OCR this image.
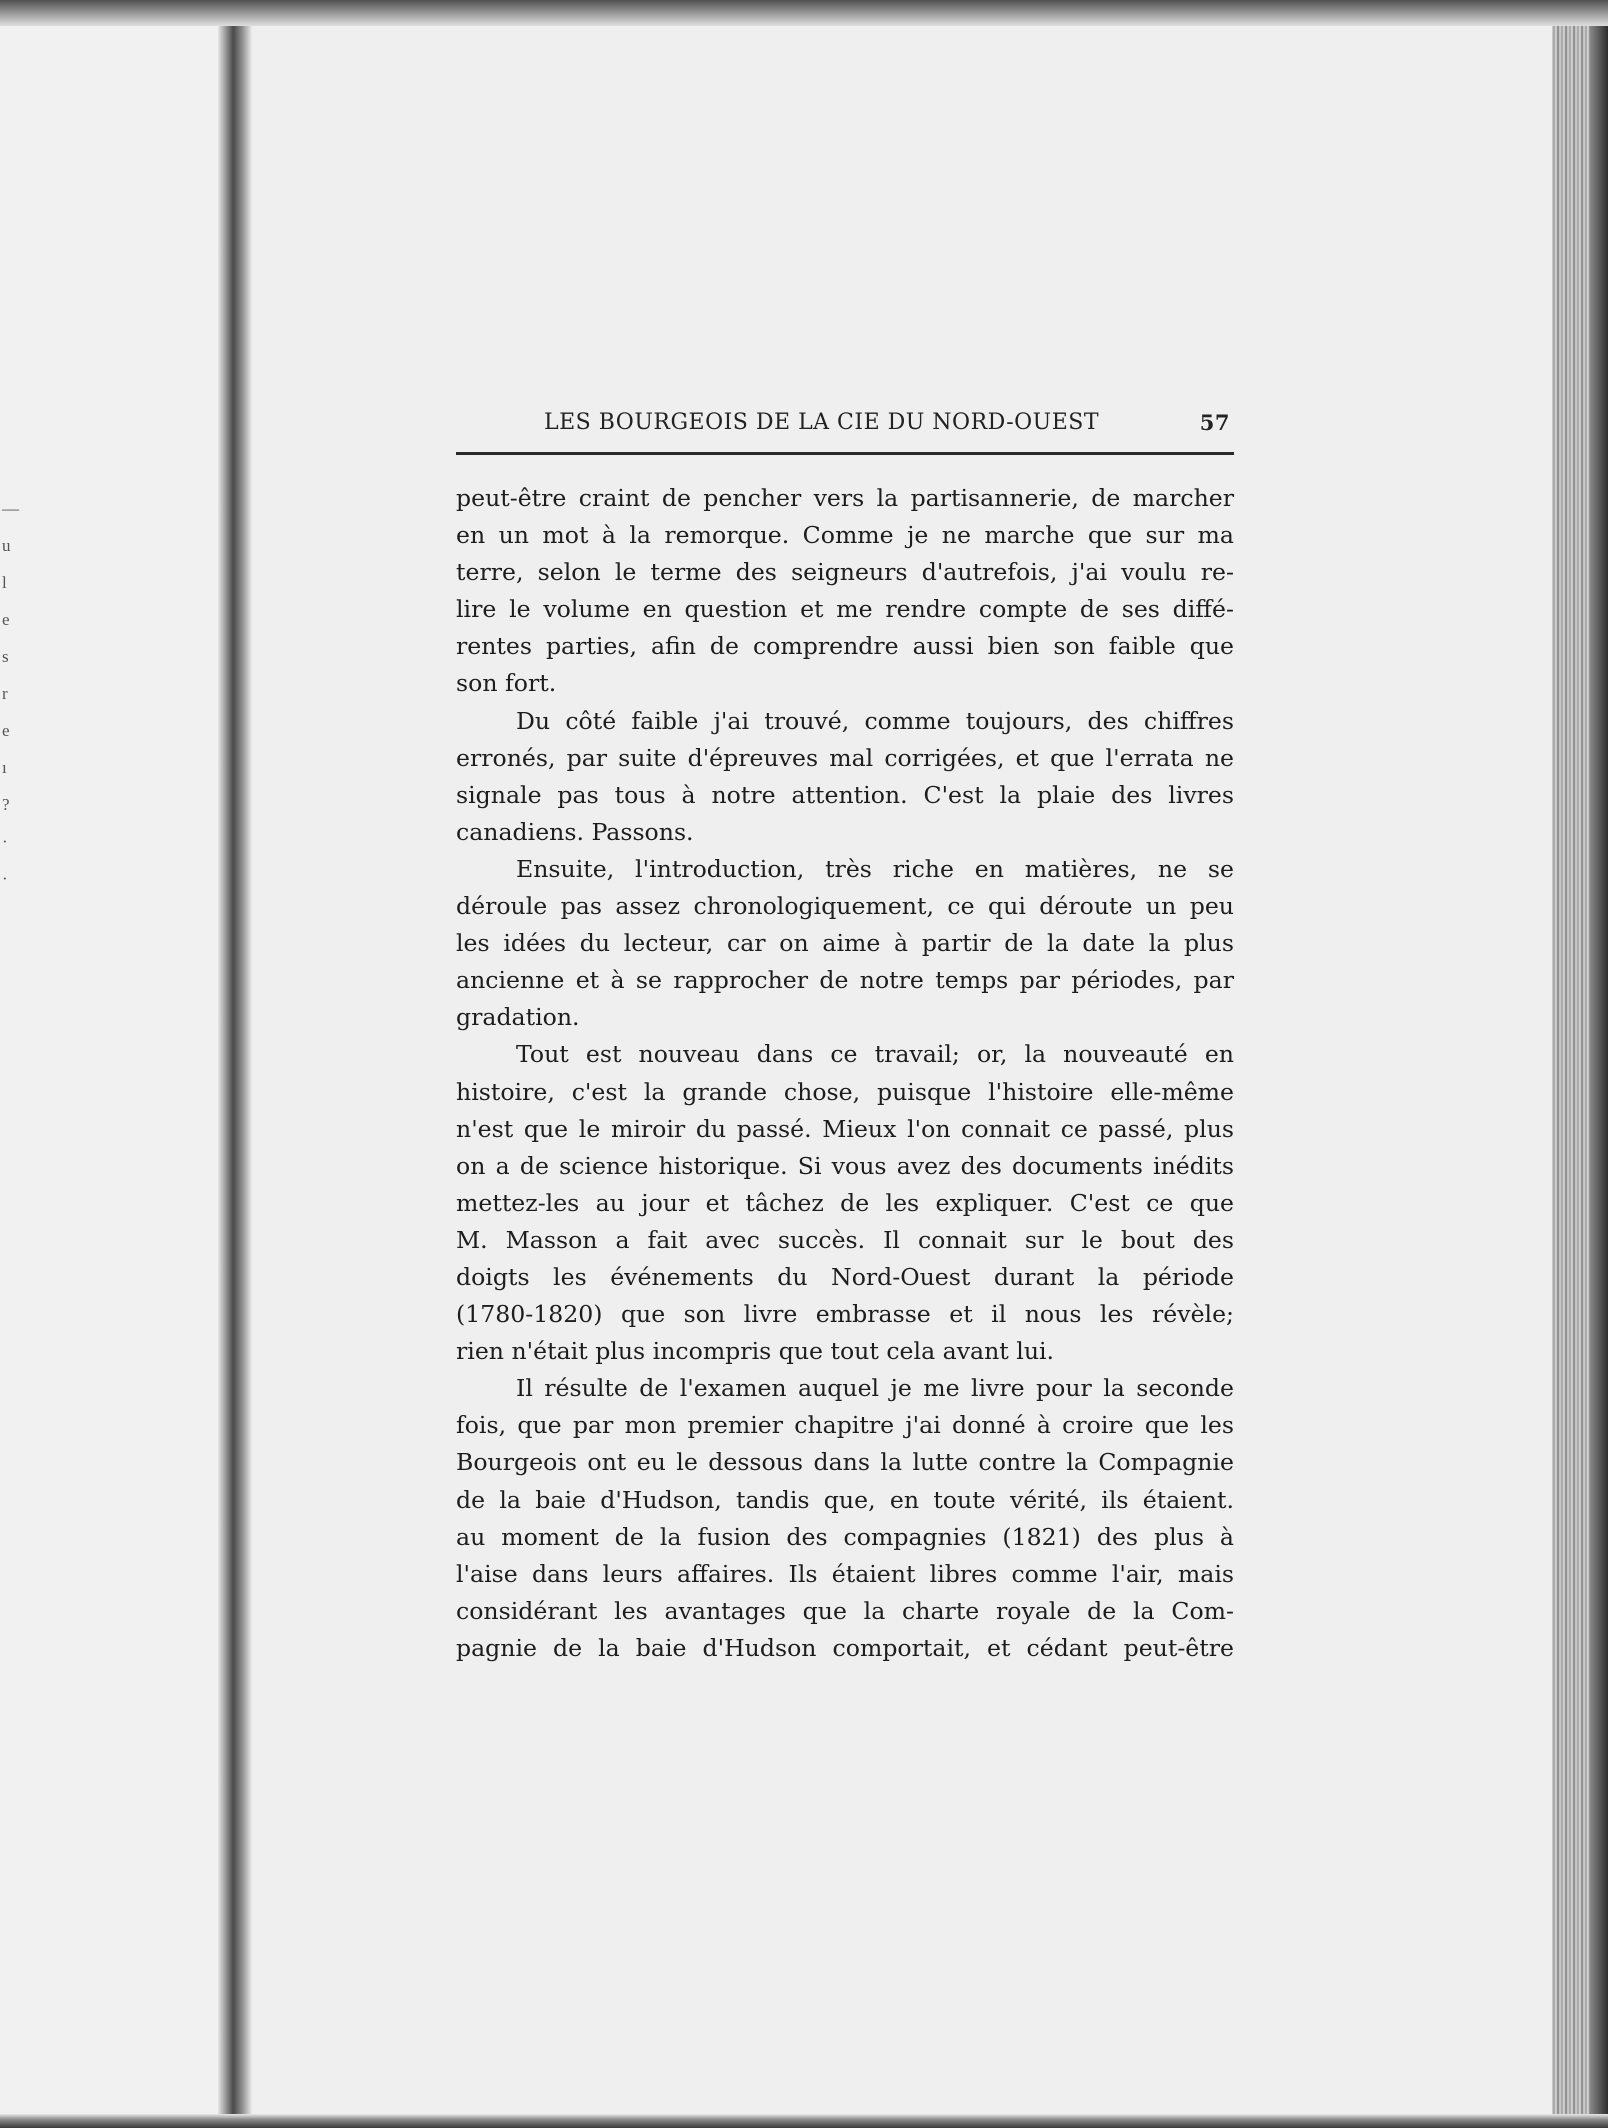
—
u
l
e
s
r
e
ı
?
·
·
LES BOURGEOIS DE LA CIE DU NORD-OUEST	57
peut-être craint de pencher vers la partisannerie, de marcher
en un mot à la remorque. Comme je ne marche que sur ma
terre, selon le terme des seigneurs d'autrefois, j'ai voulu re-
lire le volume en question et me rendre compte de ses diffé-
rentes parties, afin de comprendre aussi bien son faible que
son fort.
Du côté faible j'ai trouvé, comme toujours, des chiffres
erronés, par suite d'épreuves mal corrigées, et que l'errata ne
signale pas tous à notre attention. C'est la plaie des livres
canadiens. Passons.
Ensuite, l'introduction, très riche en matières, ne se
déroule pas assez chronologiquement, ce qui déroute un peu
les idées du lecteur, car on aime à partir de la date la plus
ancienne et à se rapprocher de notre temps par périodes, par
gradation.
Tout est nouveau dans ce travail; or, la nouveauté en
histoire, c'est la grande chose, puisque l'histoire elle-même
n'est que le miroir du passé. Mieux l'on connait ce passé, plus
on a de science historique. Si vous avez des documents inédits
mettez-les au jour et tâchez de les expliquer. C'est ce que
M. Masson a fait avec succès. Il connait sur le bout des
doigts les événements du Nord-Ouest durant la période
(1780-1820) que son livre embrasse et il nous les révèle;
rien n'était plus incompris que tout cela avant lui.
Il résulte de l'examen auquel je me livre pour la seconde
fois, que par mon premier chapitre j'ai donné à croire que les
Bourgeois ont eu le dessous dans la lutte contre la Compagnie
de la baie d'Hudson, tandis que, en toute vérité, ils étaient.
au moment de la fusion des compagnies (1821) des plus à
l'aise dans leurs affaires. Ils étaient libres comme l'air, mais
considérant les avantages que la charte royale de la Com-
pagnie de la baie d'Hudson comportait, et cédant peut-être
